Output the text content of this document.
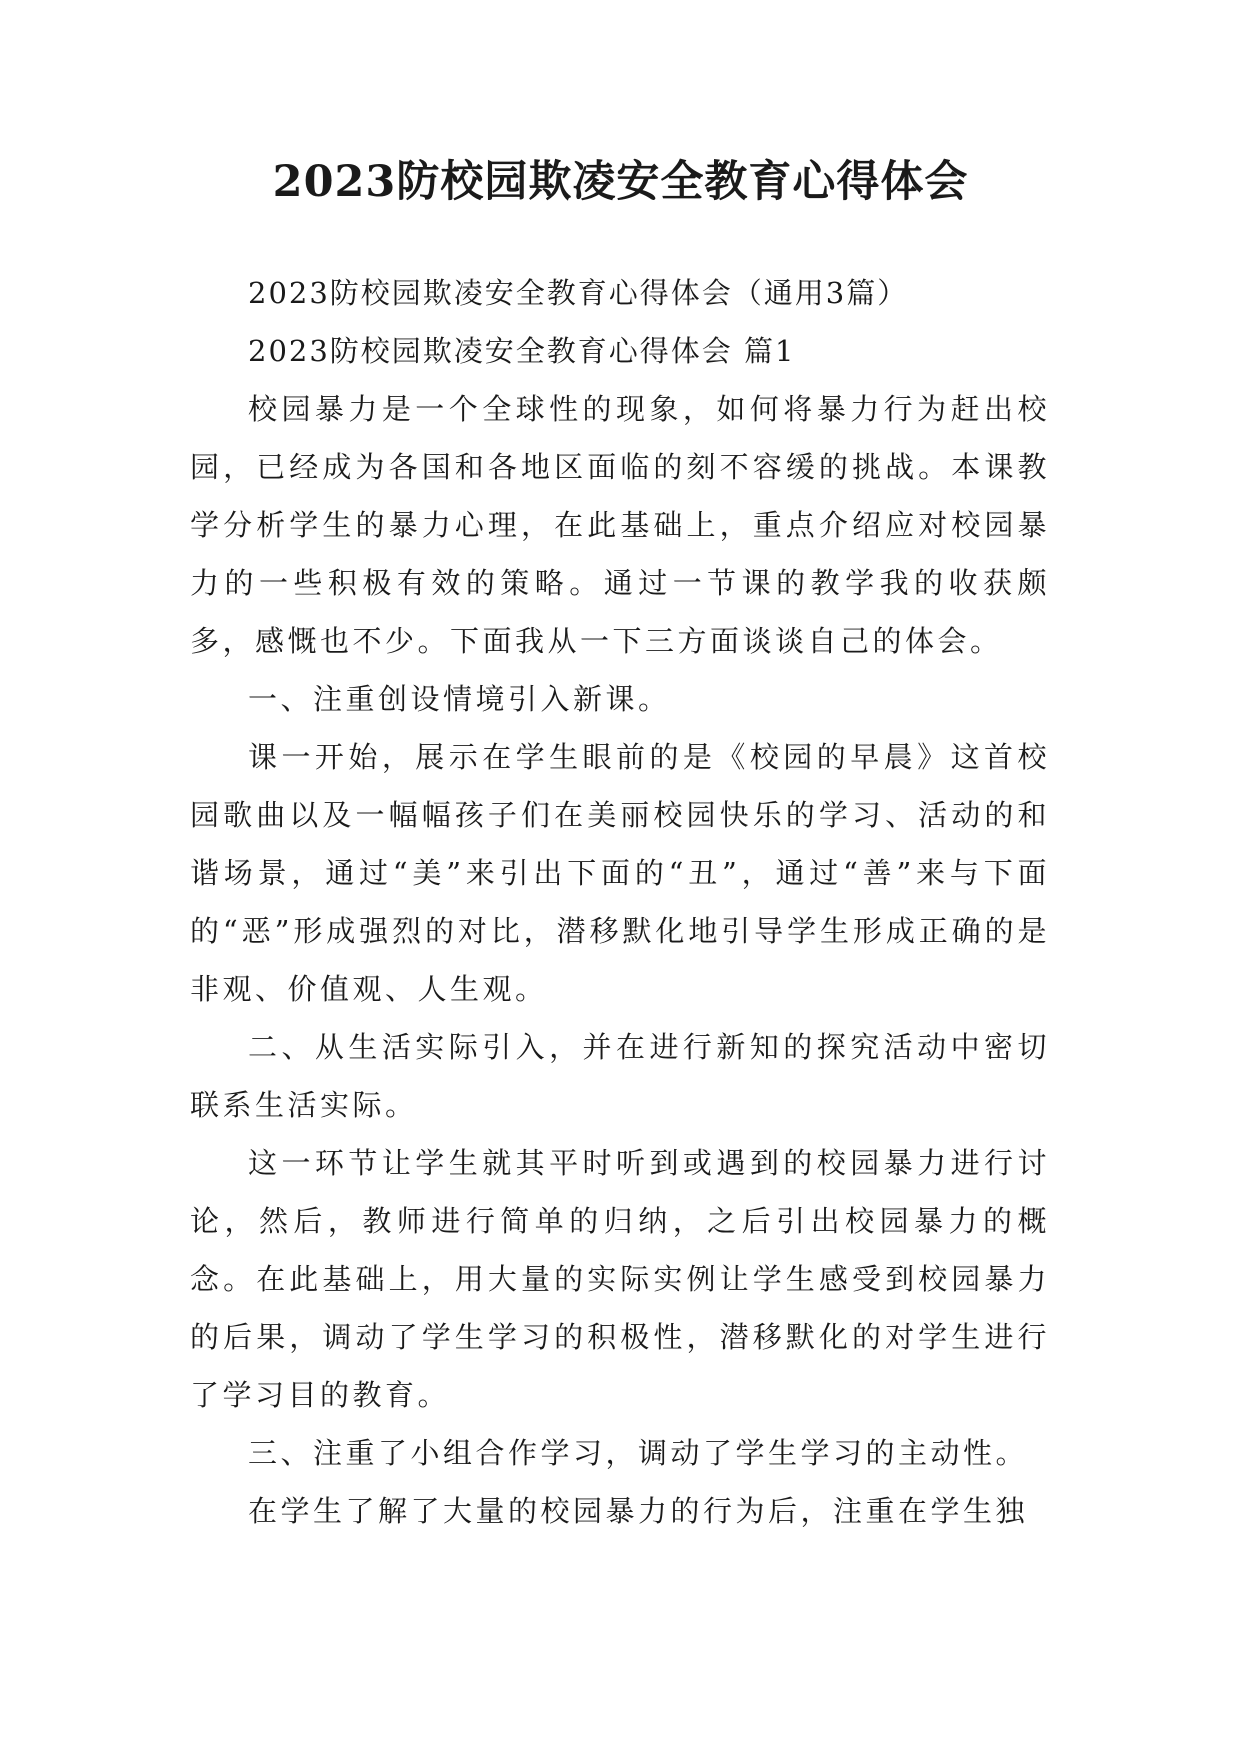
2023防校园欺凌安全教育心得体会

2023防校园欺凌安全教育心得体会（通用3篇）

2023防校园欺凌安全教育心得体会 篇1

校园暴力是一个全球性的现象，如何将暴力行为赶出校园，已经成为各国和各地区面临的刻不容缓的挑战。本课教学分析学生的暴力心理，在此基础上，重点介绍应对校园暴力的一些积极有效的策略。通过一节课的教学我的收获颇多，感慨也不少。下面我从一下三方面谈谈自己的体会。

一、注重创设情境引入新课。

课一开始，展示在学生眼前的是《校园的早晨》这首校园歌曲以及一幅幅孩子们在美丽校园快乐的学习、活动的和谐场景，通过“美”来引出下面的“丑”，通过“善”来与下面的“恶”形成强烈的对比，潜移默化地引导学生形成正确的是非观、价值观、人生观。

二、从生活实际引入，并在进行新知的探究活动中密切联系生活实际。

这一环节让学生就其平时听到或遇到的校园暴力进行讨论，然后，教师进行简单的归纳，之后引出校园暴力的概念。在此基础上，用大量的实际实例让学生感受到校园暴力的后果，调动了学生学习的积极性，潜移默化的对学生进行了学习目的教育。

三、注重了小组合作学习，调动了学生学习的主动性。

在学生了解了大量的校园暴力的行为后，注重在学生独
